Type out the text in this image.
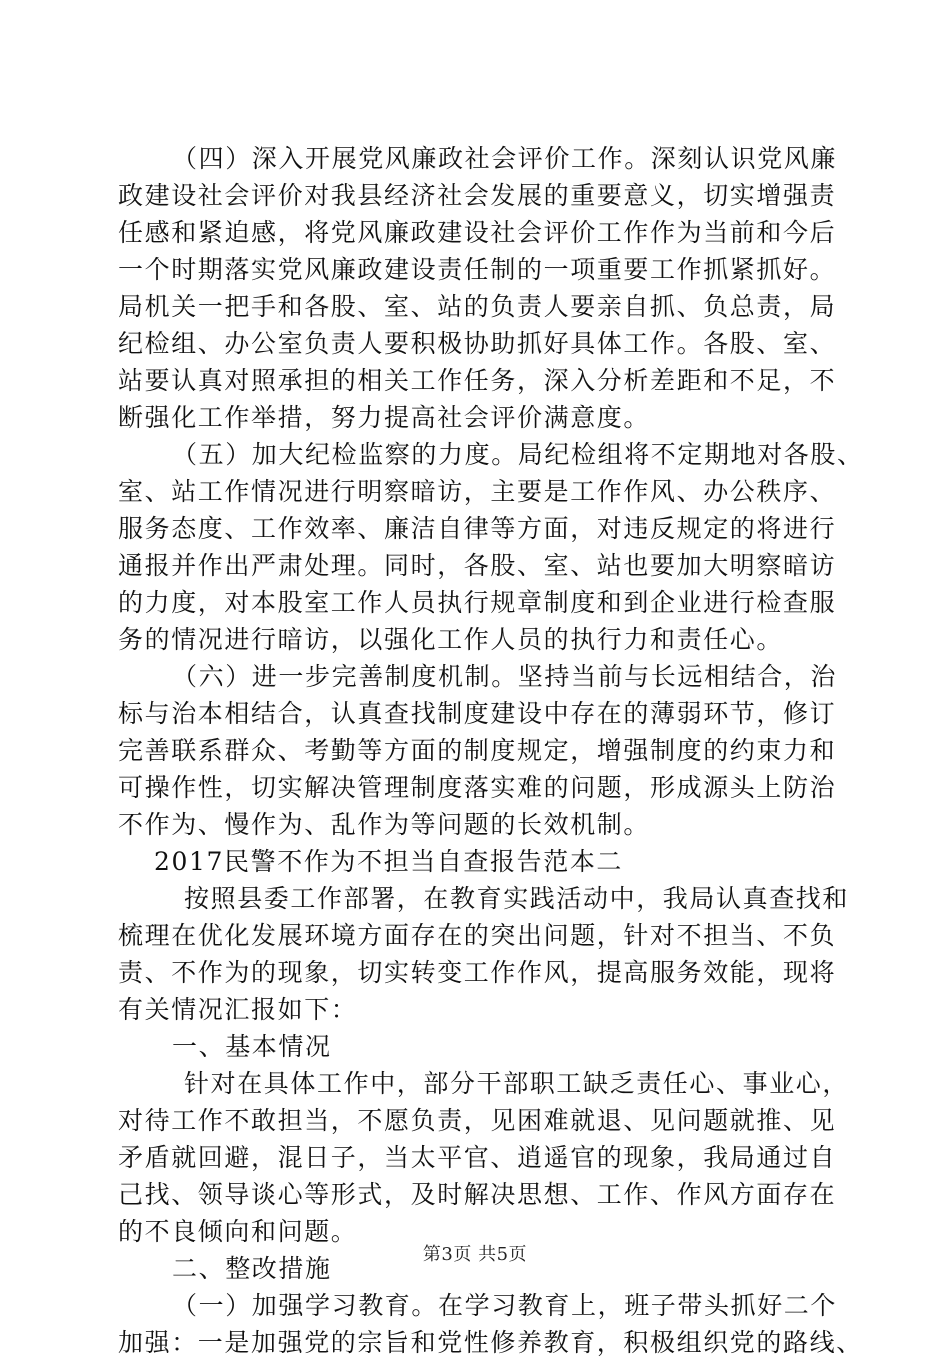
（四）深入开展党风廉政社会评价工作。深刻认识党风廉
政建设社会评价对我县经济社会发展的重要意义，切实增强责
任感和紧迫感，将党风廉政建设社会评价工作作为当前和今后
一个时期落实党风廉政建设责任制的一项重要工作抓紧抓好。
局机关一把手和各股、室、站的负责人要亲自抓、负总责，局
纪检组、办公室负责人要积极协助抓好具体工作。各股、室、
站要认真对照承担的相关工作任务，深入分析差距和不足，不
断强化工作举措，努力提高社会评价满意度。
（五）加大纪检监察的力度。局纪检组将不定期地对各股、
室、站工作情况进行明察暗访，主要是工作作风、办公秩序、
服务态度、工作效率、廉洁自律等方面，对违反规定的将进行
通报并作出严肃处理。同时，各股、室、站也要加大明察暗访
的力度，对本股室工作人员执行规章制度和到企业进行检查服
务的情况进行暗访，以强化工作人员的执行力和责任心。
（六）进一步完善制度机制。坚持当前与长远相结合，治
标与治本相结合，认真查找制度建设中存在的薄弱环节，修订
完善联系群众、考勤等方面的制度规定，增强制度的约束力和
可操作性，切实解决管理制度落实难的问题，形成源头上防治
不作为、慢作为、乱作为等问题的长效机制。
2017民警不作为不担当自查报告范本二
按照县委工作部署，在教育实践活动中，我局认真查找和
梳理在优化发展环境方面存在的突出问题，针对不担当、不负
责、不作为的现象，切实转变工作作风，提高服务效能，现将
有关情况汇报如下：
一、基本情况
针对在具体工作中，部分干部职工缺乏责任心、事业心，
对待工作不敢担当，不愿负责，见困难就退、见问题就推、见
矛盾就回避，混日子，当太平官、逍遥官的现象，我局通过自
己找、领导谈心等形式，及时解决思想、工作、作风方面存在
的不良倾向和问题。
二、整改措施
（一）加强学习教育。在学习教育上，班子带头抓好二个
加强：一是加强党的宗旨和党性修养教育，积极组织党的路线、
第3页 共5页
